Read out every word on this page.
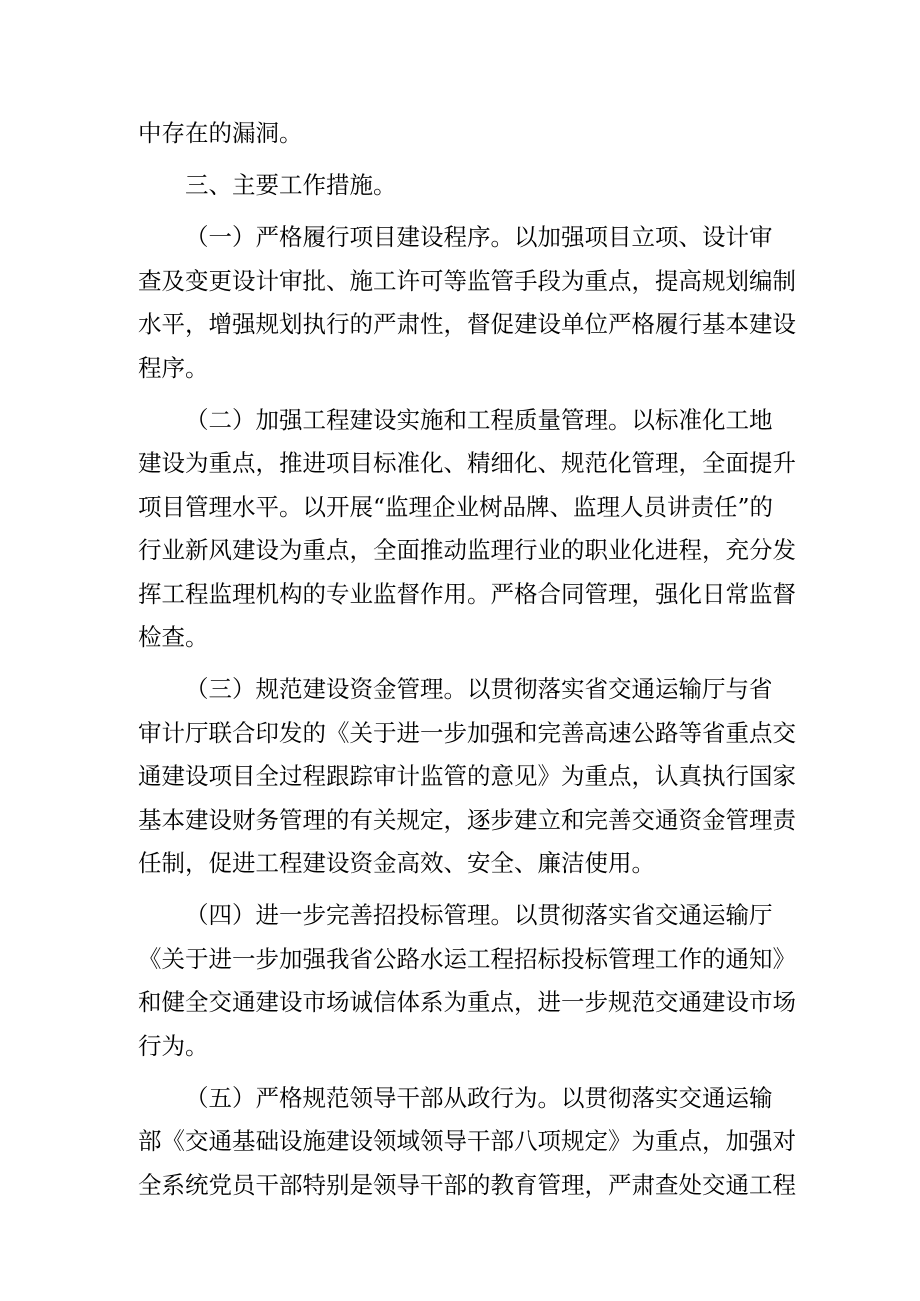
中存在的漏洞。
三、主要工作措施。
（一）严格履行项目建设程序。以加强项目立项、设计审
查及变更设计审批、施工许可等监管手段为重点，提高规划编制
水平，增强规划执行的严肃性，督促建设单位严格履行基本建设
程序。
（二）加强工程建设实施和工程质量管理。以标准化工地
建设为重点，推进项目标准化、精细化、规范化管理，全面提升
项目管理水平。以开展“监理企业树品牌、监理人员讲责任”的
行业新风建设为重点，全面推动监理行业的职业化进程，充分发
挥工程监理机构的专业监督作用。严格合同管理，强化日常监督
检查。
（三）规范建设资金管理。以贯彻落实省交通运输厅与省
审计厅联合印发的《关于进一步加强和完善高速公路等省重点交
通建设项目全过程跟踪审计监管的意见》为重点，认真执行国家
基本建设财务管理的有关规定，逐步建立和完善交通资金管理责
任制，促进工程建设资金高效、安全、廉洁使用。
（四）进一步完善招投标管理。以贯彻落实省交通运输厅
《关于进一步加强我省公路水运工程招标投标管理工作的通知》
和健全交通建设市场诚信体系为重点，进一步规范交通建设市场
行为。
（五）严格规范领导干部从政行为。以贯彻落实交通运输
部《交通基础设施建设领域领导干部八项规定》为重点，加强对
全系统党员干部特别是领导干部的教育管理，严肃查处交通工程
